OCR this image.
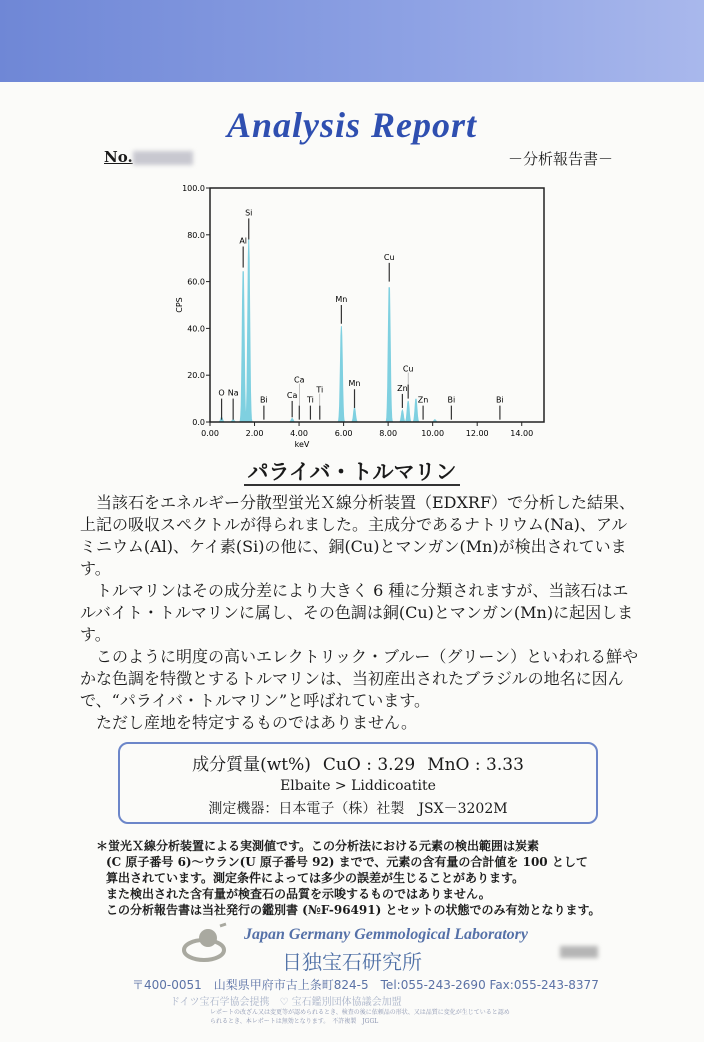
Analysis Report
No.	－分析報告書－
0.0
20.0
40.0
60.0
80.0
100.0
0.00	2.00	4.00	6.00	8.00	10.00	12.00	14.00
keV
CPS
O Na
Al
Si
Bi
Ca
Ca
Ti
Ti
Mn
Mn
Cu
Zn
Cu
Zn Bi	Bi
パライバ・トルマリン

当該石をエネルギー分散型蛍光Ｘ線分析装置（EDXRF）で分析した結果、上記の吸収スペクトルが得られました。主成分であるナトリウム(Na)、アルミニウム(Al)、ケイ素(Si)の他に、銅(Cu)とマンガン(Mn)が検出されています。

トルマリンはその成分差により大きく 6 種に分類されますが、当該石はエルバイト・トルマリンに属し、その色調は銅(Cu)とマンガン(Mn)に起因します。

このように明度の高いエレクトリック・ブルー（グリーン）といわれる鮮やかな色調を特徴とするトルマリンは、当初産出されたブラジルの地名に因んで、“パライバ・トルマリン”と呼ばれています。

ただし産地を特定するものではありません。

成分質量(wt%) CuO : 3.29 MnO : 3.33
Elbaite > Liddicoatite
測定機器：日本電子（株）社製　JSX－3202M

＊蛍光Ｘ線分析装置による実測値です。この分析法における元素の検出範囲は炭素

(C 原子番号 6)～ウラン(U 原子番号 92) までで、元素の含有量の合計値を 100 として

算出されています。測定条件によっては多少の誤差が生じることがあります。

また検出された含有量が検査石の品質を示唆するものではありません。

この分析報告書は当社発行の鑑別書 (№F-96491) とセットの状態でのみ有効となります。

Japan Germany Gemmological Laboratory
日独宝石研究所
〒400-0051　山梨県甲府市古上条町824-5　Tel:055-243-2690 Fax:055-243-8377
ドイツ宝石学協会提携　♡ 宝石鑑別団体協議会加盟
レポートの改ざん又は変更等が認められるとき、検査の後に依頼品の形状、又は品質に変化が生じていると認められるとき、本レポートは無効となります。　不許複製　JGGL
